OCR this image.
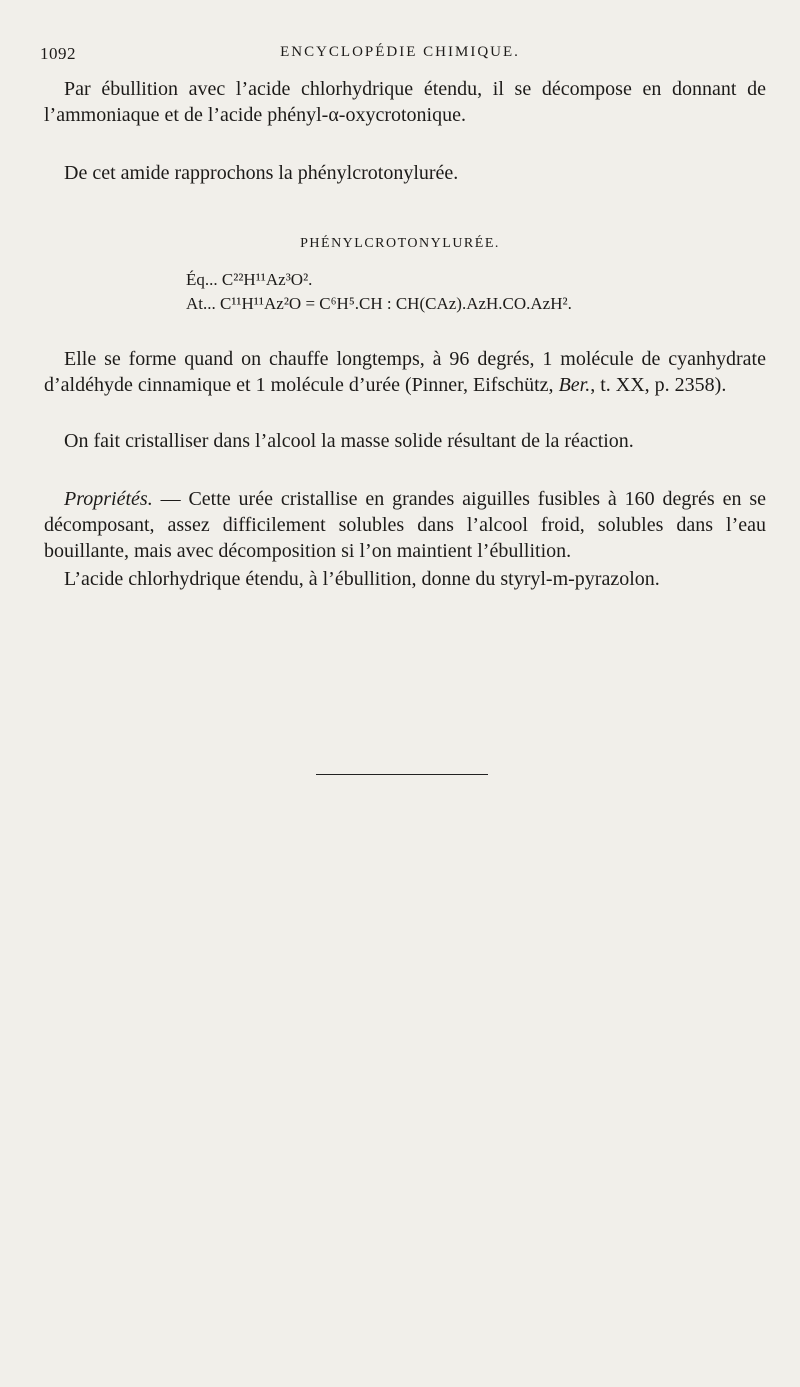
1092	ENCYCLOPÉDIE CHIMIQUE.
Par ébullition avec l’acide chlorhydrique étendu, il se décompose en donnant de l’ammoniaque et de l’acide phényl-α-oxycrotonique.
De cet amide rapprochons la phénylcrotonylurée.
PHÉNYLCROTONYLURÉE.
Éq... C²²H¹¹Az³O².
At... C¹¹H¹¹Az²O = C⁶H⁵.CH : CH(CAz).AzH.CO.AzH².
Elle se forme quand on chauffe longtemps, à 96 degrés, 1 molécule de cyanhydrate d’aldéhyde cinnamique et 1 molécule d’urée (Pinner, Eifschütz, Ber., t. XX, p. 2358).
On fait cristalliser dans l’alcool la masse solide résultant de la réaction.
Propriétés. — Cette urée cristallise en grandes aiguilles fusibles à 160 degrés en se décomposant, assez difficilement solubles dans l’alcool froid, solubles dans l’eau bouillante, mais avec décomposition si l’on maintient l’ébullition.
L’acide chlorhydrique étendu, à l’ébullition, donne du styryl-m-pyrazolon.
